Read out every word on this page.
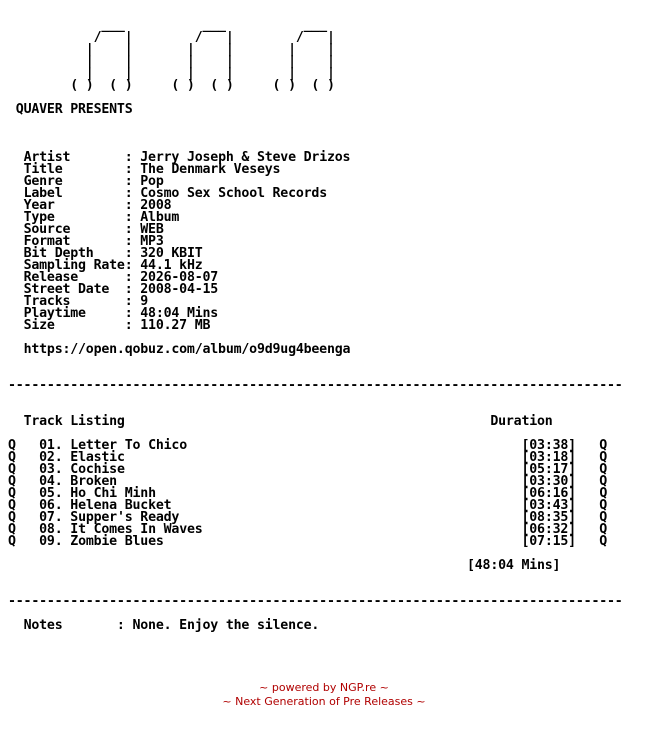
___          ___          ___
/   |        /   |        /   |
|    |       |    |       |    |
|    |       |    |       |    |
|    |       |    |       |    |
( )  ( )     ( )  ( )     ( )  ( )

QUAVER PRESENTS

Artist       : Jerry Joseph & Steve Drizos
Title        : The Denmark Veseys
Genre        : Pop
Label        : Cosmo Sex School Records
Year         : 2008
Type         : Album
Source       : WEB
Format       : MP3
Bit Depth    : 320 KBIT
Sampling Rate: 44.1 kHz
Release      : 2026-08-07
Street Date  : 2008-04-15
Tracks       : 9
Playtime     : 48:04 Mins
Size         : 110.27 MB

https://open.qobuz.com/album/o9d9ug4beenga

-------------------------------------------------------------------------------

Track Listing	Duration

Q 01. Letter To Chico	[03:38] Q
Q 02. Elastic	[03:18] Q
Q 03. Cochise	[05:17] Q
Q 04. Broken	[03:30] Q
Q 05. Ho Chi Minh	[06:16] Q
Q 06. Helena Bucket	[03:43] Q
Q 07. Supper's Ready	[08:35] Q
Q 08. It Comes In Waves	[06:32] Q
Q 09. Zombie Blues	[07:15] Q

[48:04 Mins]

-------------------------------------------------------------------------------

Notes       : None. Enjoy the silence.
~ powered by NGP.re ~
~ Next Generation of Pre Releases ~
